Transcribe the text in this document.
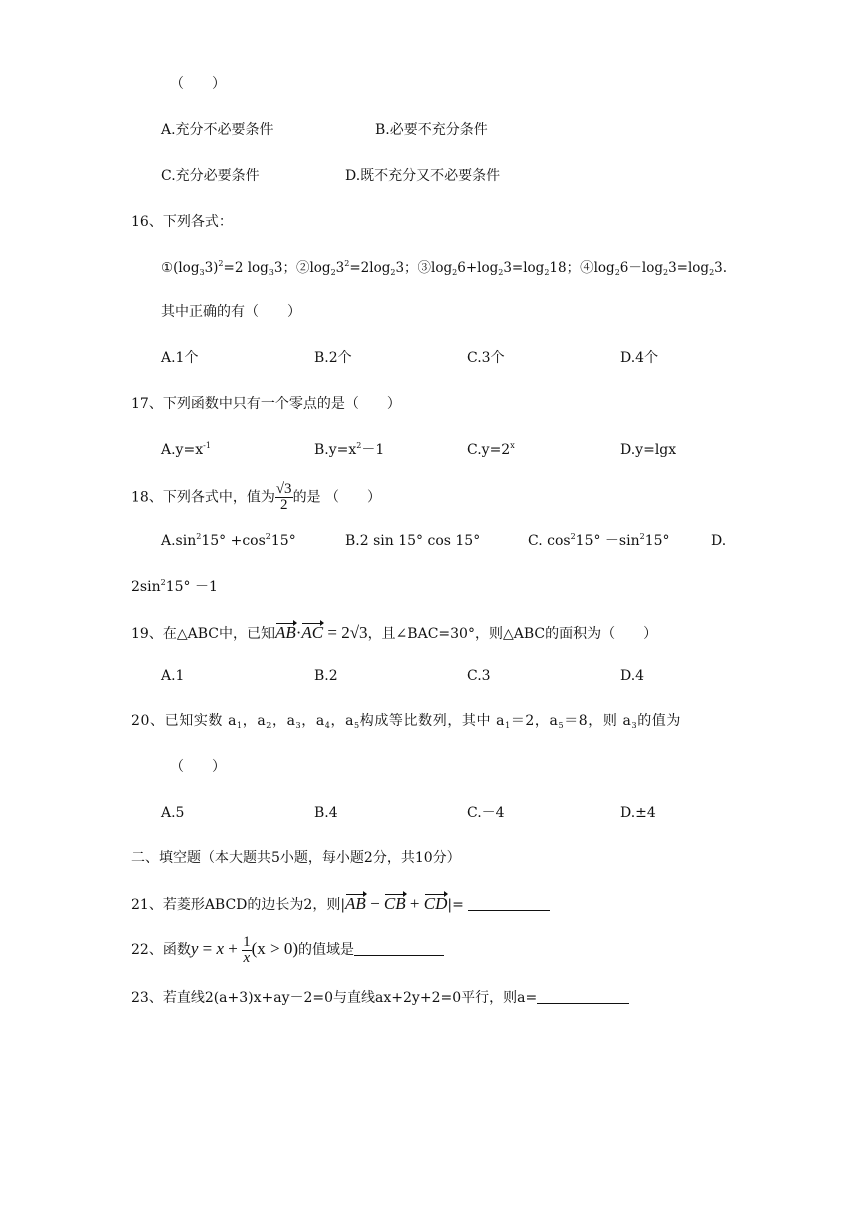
（　　）
A.充分不必要条件	B.必要不充分条件
C.充分必要条件	D.既不充分又不必要条件
16、下列各式：
$①(\log_33)^2=2$ $\log_33$；$②\log_23^2=2\log_23$；$③\log_26+\log_23=\log_218$；$④\log_26-\log_23=\log_23$.
其中正确的有（　　）
A.1个	B.2个	C.3个	D.4个
17、下列函数中只有一个零点的是（　　）
$A.y=x^{-1}$	$B.y=x^2-1$	$C.y=2^x$	D.y=lgx
18、下列各式中，值为 $\frac{√3}{2}$ 的是 （　　）
$A.\sin^215^\circ +\cos^215^\circ$	B.2 sin 15° cos 15°	C. $\cos^215^\circ -\sin^215^\circ$	D.
$2\sin^215^\circ -1$
19、在△ABC中，已知AB·AC = 2√3，且∠BAC=30°，则△ABC的面积为（　　）
A.1	B.2	C.3	D.4
20、已知实数 $a_1$，$a_2$，$a_3$，$a_4$，$a_5$构成等比数列，其中 $a_1=2$，$a_5=8$，则 $a_3$的值为
（　　）
A.5	B.4	C.－4	D.±4
二、填空题（本大题共5小题，每小题2分，共10分）
21、若菱形ABCD的边长为2，则|AB − CB + CD|=
22、函数$y = x + \frac{1}{x} (x > 0)$的值域是
23、若直线2(a+3)x+ay－2=0与直线ax+2y+2=0平行，则a=
